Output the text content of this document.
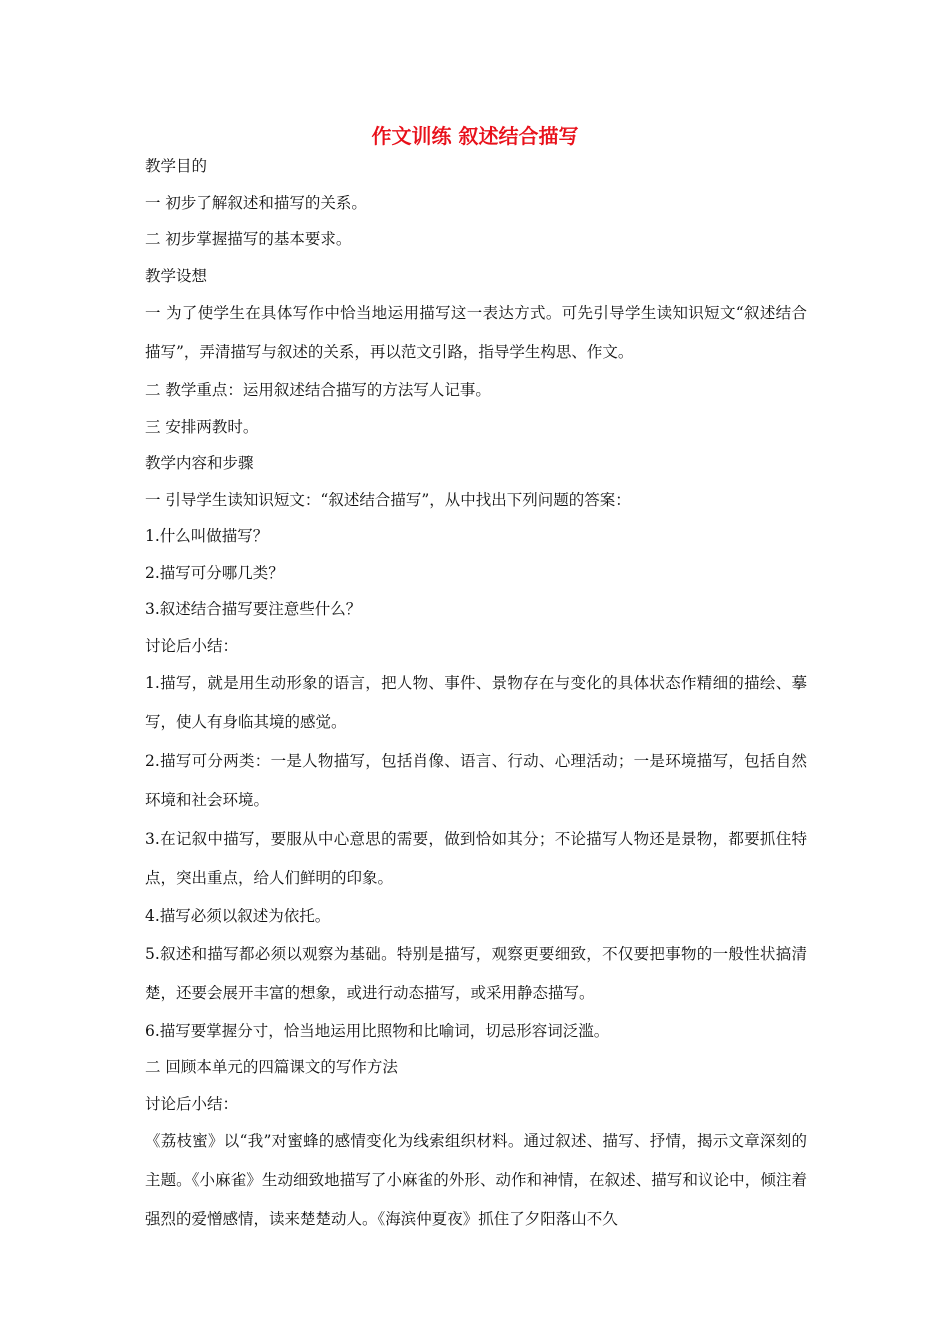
作文训练 叙述结合描写

教学目的

一 初步了解叙述和描写的关系。

二 初步掌握描写的基本要求。

教学设想

一 为了使学生在具体写作中恰当地运用描写这一表达方式。可先引导学生读知识短文“叙述结合描写”，弄清描写与叙述的关系，再以范文引路，指导学生构思、作文。

二 教学重点：运用叙述结合描写的方法写人记事。

三 安排两教时。

教学内容和步骤

一 引导学生读知识短文：“叙述结合描写”，从中找出下列问题的答案：

1.什么叫做描写？

2.描写可分哪几类？

3.叙述结合描写要注意些什么？

讨论后小结：

1.描写，就是用生动形象的语言，把人物、事件、景物存在与变化的具体状态作精细的描绘、摹写，使人有身临其境的感觉。

2.描写可分两类：一是人物描写，包括肖像、语言、行动、心理活动；一是环境描写，包括自然环境和社会环境。

3.在记叙中描写，要服从中心意思的需要，做到恰如其分；不论描写人物还是景物，都要抓住特点，突出重点，给人们鲜明的印象。

4.描写必须以叙述为依托。

5.叙述和描写都必须以观察为基础。特别是描写，观察更要细致，不仅要把事物的一般性状搞清楚，还要会展开丰富的想象，或进行动态描写，或采用静态描写。

6.描写要掌握分寸，恰当地运用比照物和比喻词，切忌形容词泛滥。

二 回顾本单元的四篇课文的写作方法

讨论后小结：

《荔枝蜜》以“我”对蜜蜂的感情变化为线索组织材料。通过叙述、描写、抒情，揭示文章深刻的主题。《小麻雀》生动细致地描写了小麻雀的外形、动作和神情，在叙述、描写和议论中，倾注着强烈的爱憎感情，读来楚楚动人。《海滨仲夏夜》抓住了夕阳落山不久
